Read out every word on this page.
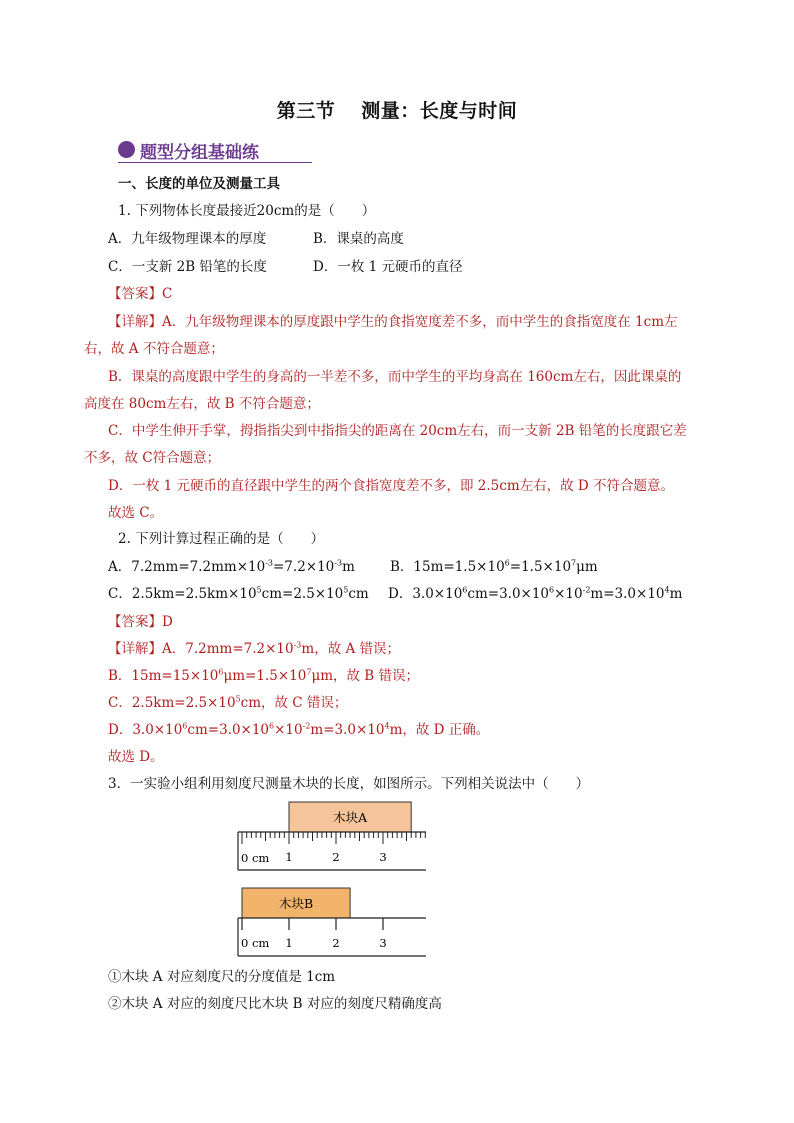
第三节 测量：长度与时间
题型分组基础练
一、长度的单位及测量工具
1. 下列物体长度最接近20cm的是（　　）
A．九年级物理课本的厚度	B．课桌的高度
C．一支新 2B 铅笔的长度	D．一枚 1 元硬币的直径
【答案】C
【详解】A．九年级物理课本的厚度跟中学生的食指宽度差不多，而中学生的食指宽度在 1cm左
右，故 A 不符合题意；
B．课桌的高度跟中学生的身高的一半差不多，而中学生的平均身高在 160cm左右，因此课桌的
高度在 80cm左右，故 B 不符合题意；
C．中学生伸开手掌，拇指指尖到中指指尖的距离在 20cm左右，而一支新 2B 铅笔的长度跟它差
不多，故 C符合题意；
D．一枚 1 元硬币的直径跟中学生的两个食指宽度差不多，即 2.5cm左右，故 D 不符合题意。
故选 C。
2. 下列计算过程正确的是（　　）
A．$7.2mm=7.2mm\times 10^{-3}=7.2\times 10^{-3}m$	B．$15m=1.5\times 10^6=1.5\times 10^7\mu m$
C．$2.5km=2.5km\times 10^5cm=2.5\times 10^5cm$ D．$3.0\times 10^6cm=3.0\times 10^6\times 10^{-2}m=3.0\times 10^4m$
【答案】D
【详解】A．$7.2mm=7.2\times 10^{-3}m$，故 A 错误；
B．$15m=15\times 10^6\mu m=1.5\times 10^7\mu m$，故 B 错误；
C．$2.5km=2.5\times 10^5cm$，故 C 错误；
D．$3.0\times 10^6cm=3.0\times 10^6\times 10^{-2}m=3.0\times 10^4m$，故 D 正确。
故选 D。
3．一实验小组利用刻度尺测量木块的长度，如图所示。下列相关说法中（　　）
木块A
0 cm 1	2	3
木块B
0 cm 1	2	3
①木块 A 对应刻度尺的分度值是 1cm
②木块 A 对应的刻度尺比木块 B 对应的刻度尺精确度高
